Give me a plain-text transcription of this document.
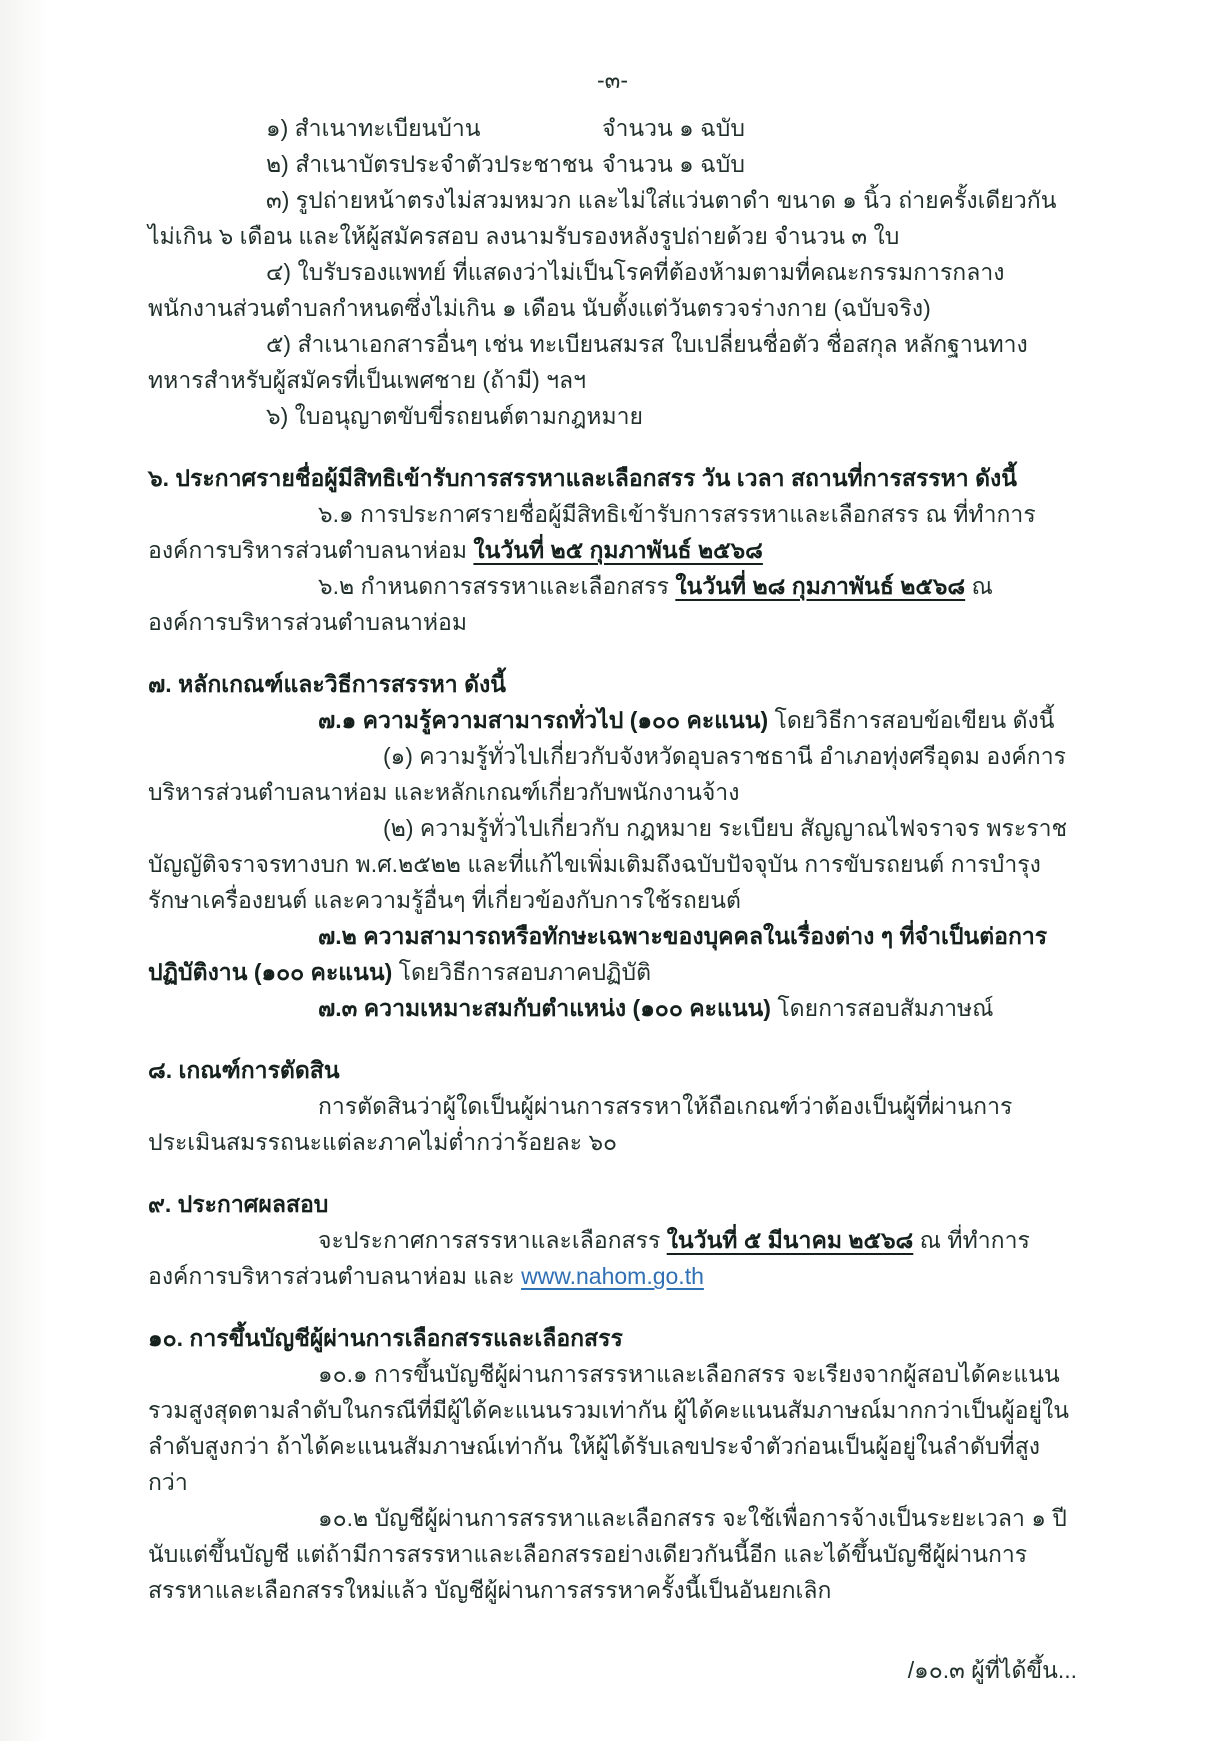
-๓-

๑) สำเนาทะเบียนบ้าน	จำนวน ๑ ฉบับ

๒) สำเนาบัตรประจำตัวประชาชน จำนวน ๑ ฉบับ

๓) รูปถ่ายหน้าตรงไม่สวมหมวก และไม่ใส่แว่นตาดำ ขนาด ๑ นิ้ว ถ่ายครั้งเดียวกันไม่เกิน ๖ เดือน และให้ผู้สมัครสอบ ลงนามรับรองหลังรูปถ่ายด้วย จำนวน ๓ ใบ

๔) ใบรับรองแพทย์ ที่แสดงว่าไม่เป็นโรคที่ต้องห้ามตามที่คณะกรรมการกลางพนักงานส่วนตำบลกำหนดซึ่งไม่เกิน ๑ เดือน นับตั้งแต่วันตรวจร่างกาย (ฉบับจริง)

๕) สำเนาเอกสารอื่นๆ เช่น ทะเบียนสมรส ใบเปลี่ยนชื่อตัว ชื่อสกุล หลักฐานทางทหารสำหรับผู้สมัครที่เป็นเพศชาย (ถ้ามี) ฯลฯ

๖) ใบอนุญาตขับขี่รถยนต์ตามกฎหมาย

๖. ประกาศรายชื่อผู้มีสิทธิเข้ารับการสรรหาและเลือกสรร วัน เวลา สถานที่การสรรหา ดังนี้

๖.๑ การประกาศรายชื่อผู้มีสิทธิเข้ารับการสรรหาและเลือกสรร ณ ที่ทำการองค์การบริหารส่วนตำบลนาห่อม ในวันที่ ๒๕ กุมภาพันธ์ ๒๕๖๘

๖.๒ กำหนดการสรรหาและเลือกสรร ในวันที่ ๒๘ กุมภาพันธ์ ๒๕๖๘ ณ องค์การบริหารส่วนตำบลนาห่อม

๗. หลักเกณฑ์และวิธีการสรรหา ดังนี้

๗.๑ ความรู้ความสามารถทั่วไป (๑๐๐ คะแนน) โดยวิธีการสอบข้อเขียน ดังนี้

(๑) ความรู้ทั่วไปเกี่ยวกับจังหวัดอุบลราชธานี อำเภอทุ่งศรีอุดม องค์การบริหารส่วนตำบลนาห่อม และหลักเกณฑ์เกี่ยวกับพนักงานจ้าง

(๒) ความรู้ทั่วไปเกี่ยวกับ กฎหมาย ระเบียบ สัญญาณไฟจราจร พระราชบัญญัติจราจรทางบก พ.ศ.๒๕๒๒ และที่แก้ไขเพิ่มเติมถึงฉบับปัจจุบัน การขับรถยนต์ การบำรุงรักษาเครื่องยนต์ และความรู้อื่นๆ ที่เกี่ยวข้องกับการใช้รถยนต์

๗.๒ ความสามารถหรือทักษะเฉพาะของบุคคลในเรื่องต่าง ๆ ที่จำเป็นต่อการปฏิบัติงาน (๑๐๐ คะแนน) โดยวิธีการสอบภาคปฏิบัติ

๗.๓ ความเหมาะสมกับตำแหน่ง (๑๐๐ คะแนน) โดยการสอบสัมภาษณ์

๘. เกณฑ์การตัดสิน

การตัดสินว่าผู้ใดเป็นผู้ผ่านการสรรหาให้ถือเกณฑ์ว่าต้องเป็นผู้ที่ผ่านการประเมินสมรรถนะแต่ละภาคไม่ต่ำกว่าร้อยละ ๖๐

๙. ประกาศผลสอบ

จะประกาศการสรรหาและเลือกสรร ในวันที่ ๕ มีนาคม ๒๕๖๘ ณ ที่ทำการองค์การบริหารส่วนตำบลนาห่อม และ www.nahom.go.th

๑๐. การขึ้นบัญชีผู้ผ่านการเลือกสรรและเลือกสรร

๑๐.๑ การขึ้นบัญชีผู้ผ่านการสรรหาและเลือกสรร จะเรียงจากผู้สอบได้คะแนนรวมสูงสุดตามลำดับในกรณีที่มีผู้ได้คะแนนรวมเท่ากัน ผู้ได้คะแนนสัมภาษณ์มากกว่าเป็นผู้อยู่ในลำดับสูงกว่า ถ้าได้คะแนนสัมภาษณ์เท่ากัน ให้ผู้ได้รับเลขประจำตัวก่อนเป็นผู้อยู่ในลำดับที่สูงกว่า

๑๐.๒ บัญชีผู้ผ่านการสรรหาและเลือกสรร จะใช้เพื่อการจ้างเป็นระยะเวลา ๑ ปี นับแต่ขึ้นบัญชี แต่ถ้ามีการสรรหาและเลือกสรรอย่างเดียวกันนี้อีก และได้ขึ้นบัญชีผู้ผ่านการสรรหาและเลือกสรรใหม่แล้ว บัญชีผู้ผ่านการสรรหาครั้งนี้เป็นอันยกเลิก

/๑๐.๓ ผู้ที่ได้ขึ้น...
